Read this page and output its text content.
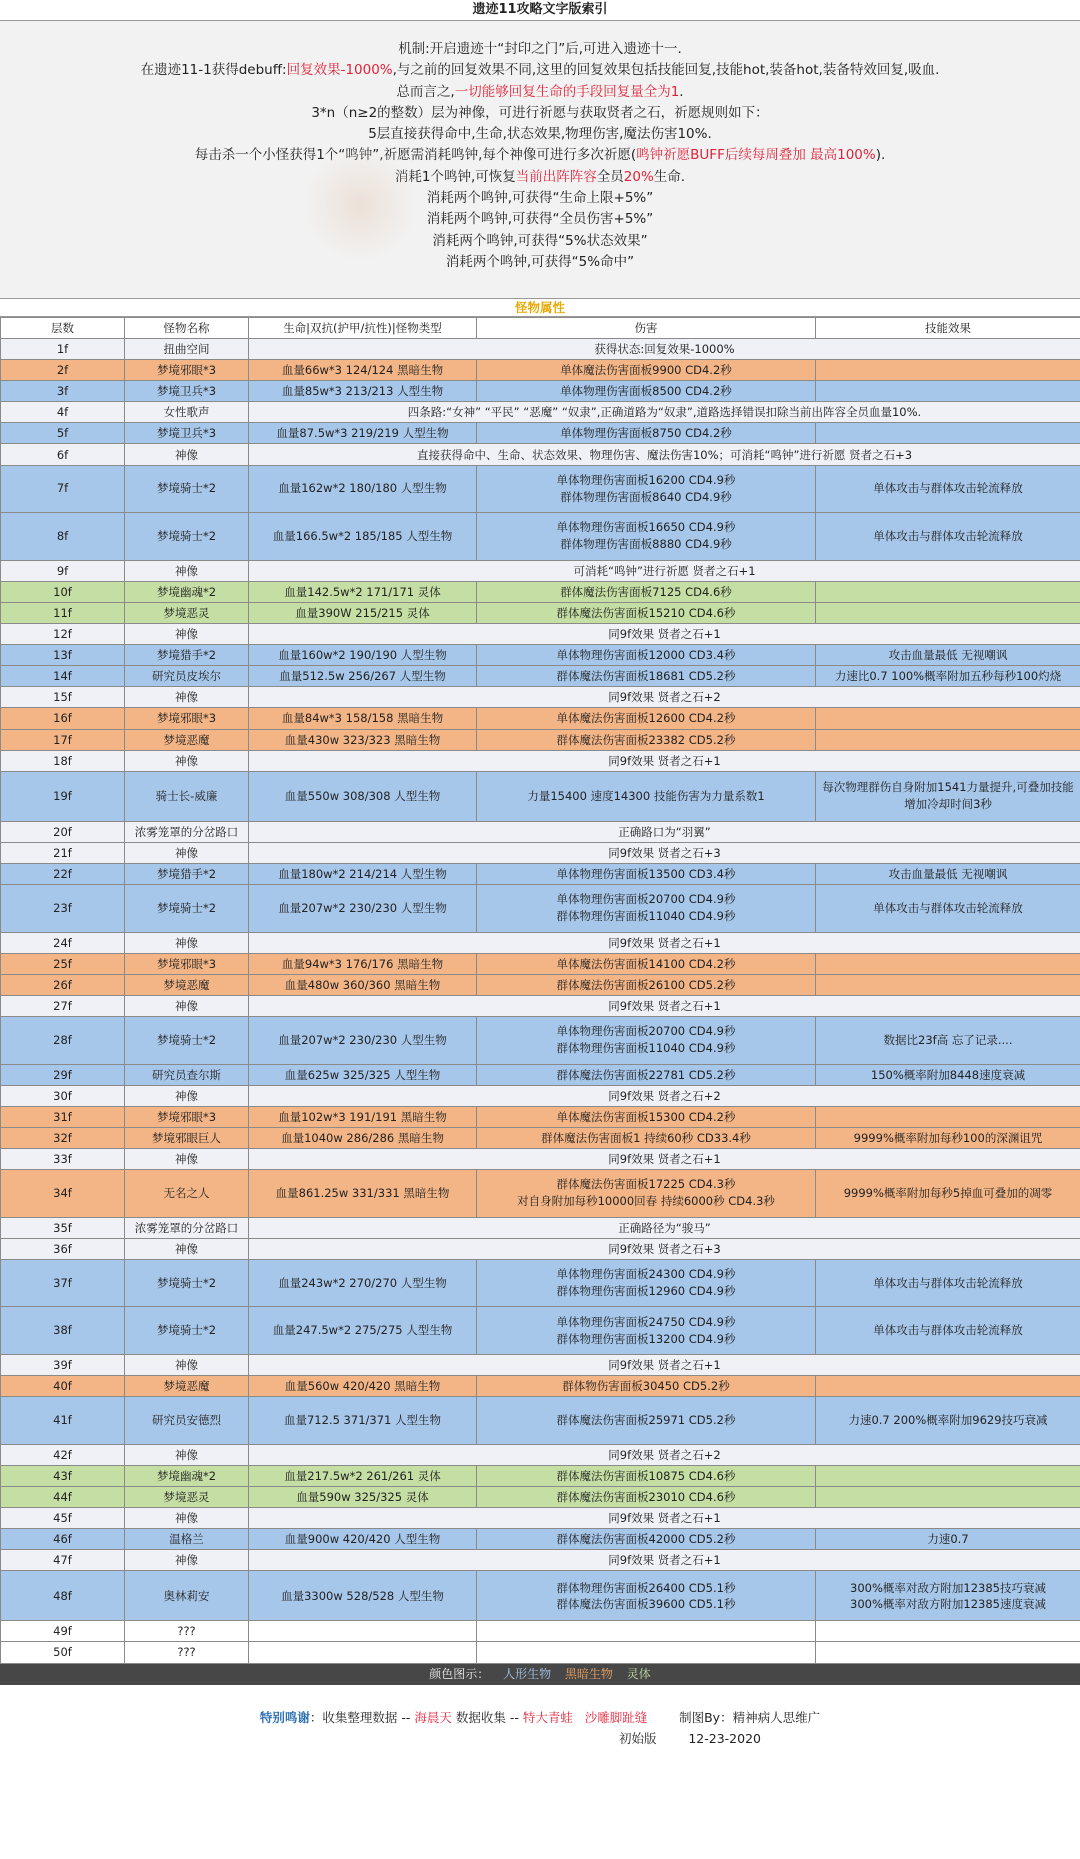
遗迹11攻略文字版索引
机制:开启遗迹十“封印之门”后,可进入遗迹十一.
在遗迹11-1获得debuff:回复效果-1000%,与之前的回复效果不同,这里的回复效果包括技能回复,技能hot,装备hot,装备特效回复,吸血.
总而言之,一切能够回复生命的手段回复量全为1.
3*n（n≥2的整数）层为神像，可进行祈愿与获取贤者之石，祈愿规则如下：
5层直接获得命中,生命,状态效果,物理伤害,魔法伤害10%.
每击杀一个小怪获得1个“鸣钟”,祈愿需消耗鸣钟,每个神像可进行多次祈愿(鸣钟祈愿BUFF后续每周叠加 最高100%).
消耗1个鸣钟,可恢复当前出阵阵容全员20%生命.
消耗两个鸣钟,可获得“生命上限+5%”
消耗两个鸣钟,可获得“全员伤害+5%”
消耗两个鸣钟,可获得“5%状态效果”
消耗两个鸣钟,可获得“5%命中”
怪物属性
层数	怪物名称	生命|双抗(护甲/抗性)|怪物类型	伤害	技能效果
1f	扭曲空间	获得状态:回复效果-1000%		
2f	梦境邪眼*3	血量66w*3 124/124 黑暗生物	单体魔法伤害面板9900 CD4.2秒	
3f	梦境卫兵*3	血量85w*3 213/213 人型生物	单体物理伤害面板8500 CD4.2秒	
4f	女性歌声	四条路:“女神” “平民” “恶魔” “奴隶”,正确道路为“奴隶”,道路选择错误扣除当前出阵容全员血量10%.		
5f	梦境卫兵*3	血量87.5w*3 219/219 人型生物	单体物理伤害面板8750 CD4.2秒	
6f	神像	直接获得命中、生命、状态效果、物理伤害、魔法伤害10%；可消耗“鸣钟”进行祈愿 贤者之石+3		
7f	梦境骑士*2	血量162w*2 180/180 人型生物	单体物理伤害面板16200 CD4.9秒
群体物理伤害面板8640 CD4.9秒	单体攻击与群体攻击轮流释放
8f	梦境骑士*2	血量166.5w*2 185/185 人型生物	单体物理伤害面板16650 CD4.9秒
群体物理伤害面板8880 CD4.9秒	单体攻击与群体攻击轮流释放
9f	神像	可消耗“鸣钟”进行祈愿 贤者之石+1		
10f	梦境幽魂*2	血量142.5w*2 171/171 灵体	群体魔法伤害面板7125 CD4.6秒	
11f	梦境恶灵	血量390W 215/215 灵体	群体魔法伤害面板15210 CD4.6秒	
12f	神像	同9f效果 贤者之石+1		
13f	梦境猎手*2	血量160w*2 190/190 人型生物	单体物理伤害面板12000 CD3.4秒	攻击血量最低 无视嘲讽
14f	研究员皮埃尔	血量512.5w 256/267 人型生物	群体魔法伤害面板18681 CD5.2秒	力速比0.7 100%概率附加五秒每秒100灼烧
15f	神像	同9f效果 贤者之石+2		
16f	梦境邪眼*3	血量84w*3 158/158 黑暗生物	单体魔法伤害面板12600 CD4.2秒	
17f	梦境恶魔	血量430w 323/323 黑暗生物	群体魔法伤害面板23382 CD5.2秒	
18f	神像	同9f效果 贤者之石+1		
19f	骑士长-威廉	血量550w 308/308 人型生物	力量15400 速度14300 技能伤害为力量系数1	每次物理群伤自身附加1541力量提升,可叠加技能增加冷却时间3秒
20f	浓雾笼罩的分岔路口	正确路口为“羽翼”		
21f	神像	同9f效果 贤者之石+3		
22f	梦境猎手*2	血量180w*2 214/214 人型生物	单体物理伤害面板13500 CD3.4秒	攻击血量最低 无视嘲讽
23f	梦境骑士*2	血量207w*2 230/230 人型生物	单体物理伤害面板20700 CD4.9秒
群体物理伤害面板11040 CD4.9秒	单体攻击与群体攻击轮流释放
24f	神像	同9f效果 贤者之石+1		
25f	梦境邪眼*3	血量94w*3 176/176 黑暗生物	单体魔法伤害面板14100 CD4.2秒	
26f	梦境恶魔	血量480w 360/360 黑暗生物	群体魔法伤害面板26100 CD5.2秒	
27f	神像	同9f效果 贤者之石+1		
28f	梦境骑士*2	血量207w*2 230/230 人型生物	单体物理伤害面板20700 CD4.9秒
群体物理伤害面板11040 CD4.9秒	数据比23f高 忘了记录....
29f	研究员查尔斯	血量625w 325/325 人型生物	群体魔法伤害面板22781 CD5.2秒	150%概率附加8448速度衰减
30f	神像	同9f效果 贤者之石+2		
31f	梦境邪眼*3	血量102w*3 191/191 黑暗生物	单体魔法伤害面板15300 CD4.2秒	
32f	梦境邪眼巨人	血量1040w 286/286 黑暗生物	群体魔法伤害面板1 持续60秒 CD33.4秒	9999%概率附加每秒100的深渊诅咒
33f	神像	同9f效果 贤者之石+1		
34f	无名之人	血量861.25w 331/331 黑暗生物	群体魔法伤害面板17225 CD4.3秒
对自身附加每秒10000回春 持续6000秒 CD4.3秒	9999%概率附加每秒5掉血可叠加的凋零
35f	浓雾笼罩的分岔路口	正确路径为“骏马”		
36f	神像	同9f效果 贤者之石+3		
37f	梦境骑士*2	血量243w*2 270/270 人型生物	单体物理伤害面板24300 CD4.9秒
群体物理伤害面板12960 CD4.9秒	单体攻击与群体攻击轮流释放
38f	梦境骑士*2	血量247.5w*2 275/275 人型生物	单体物理伤害面板24750 CD4.9秒
群体物理伤害面板13200 CD4.9秒	单体攻击与群体攻击轮流释放
39f	神像	同9f效果 贤者之石+1		
40f	梦境恶魔	血量560w 420/420 黑暗生物	群体物伤害面板30450 CD5.2秒	
41f	研究员安德烈	血量712.5 371/371 人型生物	群体魔法伤害面板25971 CD5.2秒	力速0.7 200%概率附加9629技巧衰减
42f	神像	同9f效果 贤者之石+2		
43f	梦境幽魂*2	血量217.5w*2 261/261 灵体	群体魔法伤害面板10875 CD4.6秒	
44f	梦境恶灵	血量590w 325/325 灵体	群体魔法伤害面板23010 CD4.6秒	
45f	神像	同9f效果 贤者之石+1		
46f	温格兰	血量900w 420/420 人型生物	群体魔法伤害面板42000 CD5.2秒	力速0.7
47f	神像	同9f效果 贤者之石+1		
48f	奥林莉安	血量3300w 528/528 人型生物	群体物理伤害面板26400 CD5.1秒
群体魔法伤害面板39600 CD5.1秒	300%概率对敌方附加12385技巧衰减
300%概率对敌方附加12385速度衰减
49f	???			
50f	???			
颜色图示： 人形生物 黑暗生物 灵体
特别鸣谢：收集整理数据 -- 海晨天 数据收集 -- 特大青蛙 沙雕脚趾缝	制图By：精神病人思维广
初始版	12-23-2020
